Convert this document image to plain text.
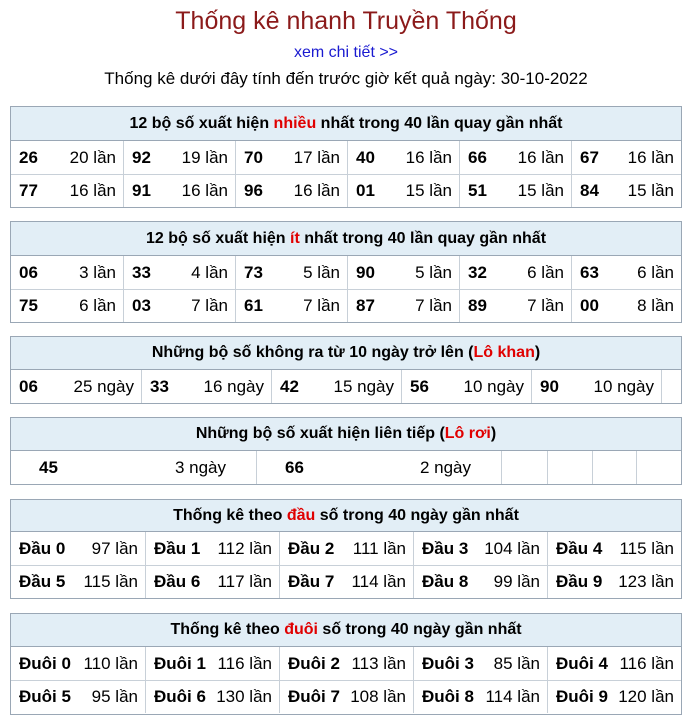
Thống kê nhanh Truyền Thống
xem chi tiết >>
Thống kê dưới đây tính đến trước giờ kết quả ngày: 30-10-2022
12 bộ số xuất hiện nhiều nhất trong 40 lần quay gần nhất
26 20 lần 92 19 lần 70 17 lần 40 16 lần 66 16 lần 67 16 lần
77 16 lần 91 16 lần 96 16 lần 01 15 lần 51 15 lần 84 15 lần
12 bộ số xuất hiện ít nhất trong 40 lần quay gần nhất
06 3 lần 33 4 lần 73 5 lần 90 5 lần 32 6 lần 63 6 lần
75 6 lần 03 7 lần 61 7 lần 87 7 lần 89 7 lần 00 8 lần
Những bộ số không ra từ 10 ngày trở lên (Lô khan)
06 25 ngày 33 16 ngày 42 15 ngày 56 10 ngày 90 10 ngày
Những bộ số xuất hiện liên tiếp (Lô rơi)
45	3 ngày	66	2 ngày
Thống kê theo đầu số trong 40 ngày gần nhất
Đầu 0 97 lần Đầu 1 112 lần Đầu 2 111 lần Đầu 3 104 lần Đầu 4 115 lần
Đầu 5 115 lần Đầu 6 117 lần Đầu 7 114 lần Đầu 8 99 lần Đầu 9 123 lần
Thống kê theo đuôi số trong 40 ngày gần nhất
Đuôi 0 110 lần Đuôi 1 116 lần Đuôi 2 113 lần Đuôi 3 85 lần Đuôi 4 116 lần
Đuôi 5 95 lần Đuôi 6 130 lần Đuôi 7 108 lần Đuôi 8 114 lần Đuôi 9 120 lần
